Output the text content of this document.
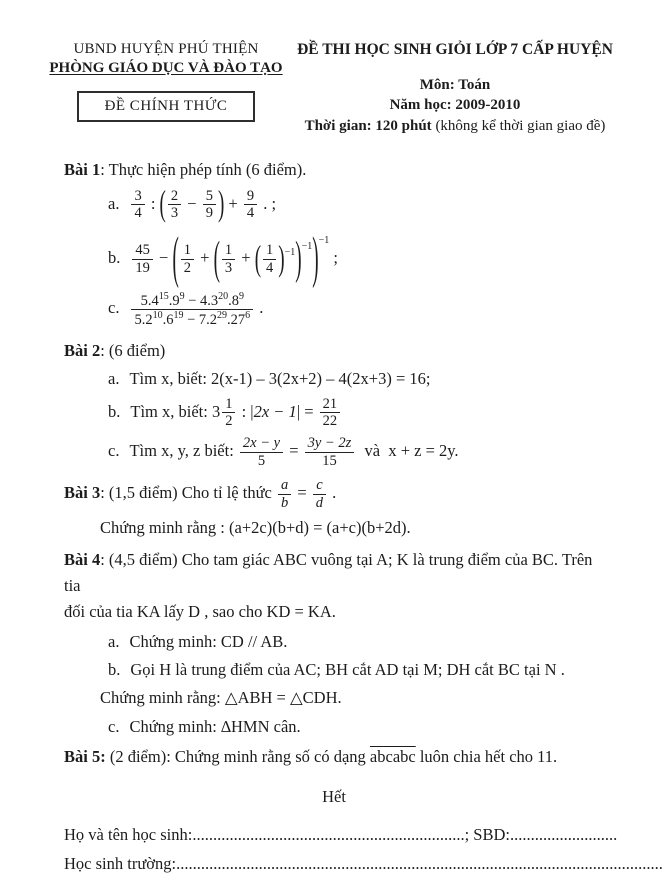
UBND HUYỆN PHÚ THIỆN
PHÒNG GIÁO DỤC VÀ ĐÀO TẠO
ĐỀ CHÍNH THỨC
ĐỀ THI HỌC SINH GIỎI LỚP 7 CẤP HUYỆN
Môn: Toán
Năm học: 2009-2010
Thời gian: 120 phút (không kể thời gian giao đề)
Bài 1: Thực hiện phép tính (6 điểm).
a. $\frac{3}{4}$ : ( $\frac{2}{3} - \frac{5}{9}$ ) + $\frac{9}{4}$ . ;
b. $\frac{45}{19}$ − ( $\frac{1}{2}$ + ( $\frac{1}{3}$ + ( $\frac{1}{4} )^{-1})^{-1})^{-1}$ ;
c. $\frac{5.4^{15}.9^9 - 4.3^{20}.8^9}{5.2^{10}.6^{19} - 7.2^{29}.27^6}$ .
Bài 2: (6 điểm)
a. Tìm x, biết: 2(x-1) – 3(2x+2) – 4(2x+3) = 16;
b. Tìm x, biết: $3 \frac{1}{2}$ : $|2x - 1| = \frac{21}{22}$
c. Tìm x, y, z biết: $\frac{2x - y}{5} = \frac{3y - 2z}{15}$ và  x + z = 2y.
Bài 3: (1,5 điểm) Cho tỉ lệ thức $\frac{a}{b} = \frac{c}{d}$ .
Chứng minh rằng : (a+2c)(b+d) = (a+c)(b+2d).
Bài 4: (4,5 điểm) Cho tam giác ABC vuông tại A; K là trung điểm của BC. Trên tia
đối của tia KA lấy D , sao cho KD = KA.
a. Chứng minh: CD // AB.
b. Gọi H là trung điểm của AC; BH cắt AD tại M; DH cắt BC tại N .
Chứng minh rằng: △ABH = △CDH.
c. Chứng minh: ∆HMN cân.
Bài 5: (2 điểm): Chứng minh rằng số có dạng abcabc luôn chia hết cho 11.
Hết
Họ và tên học sinh:..................................................................; SBD:..........................
Học sinh trường:......................................................................................................................
